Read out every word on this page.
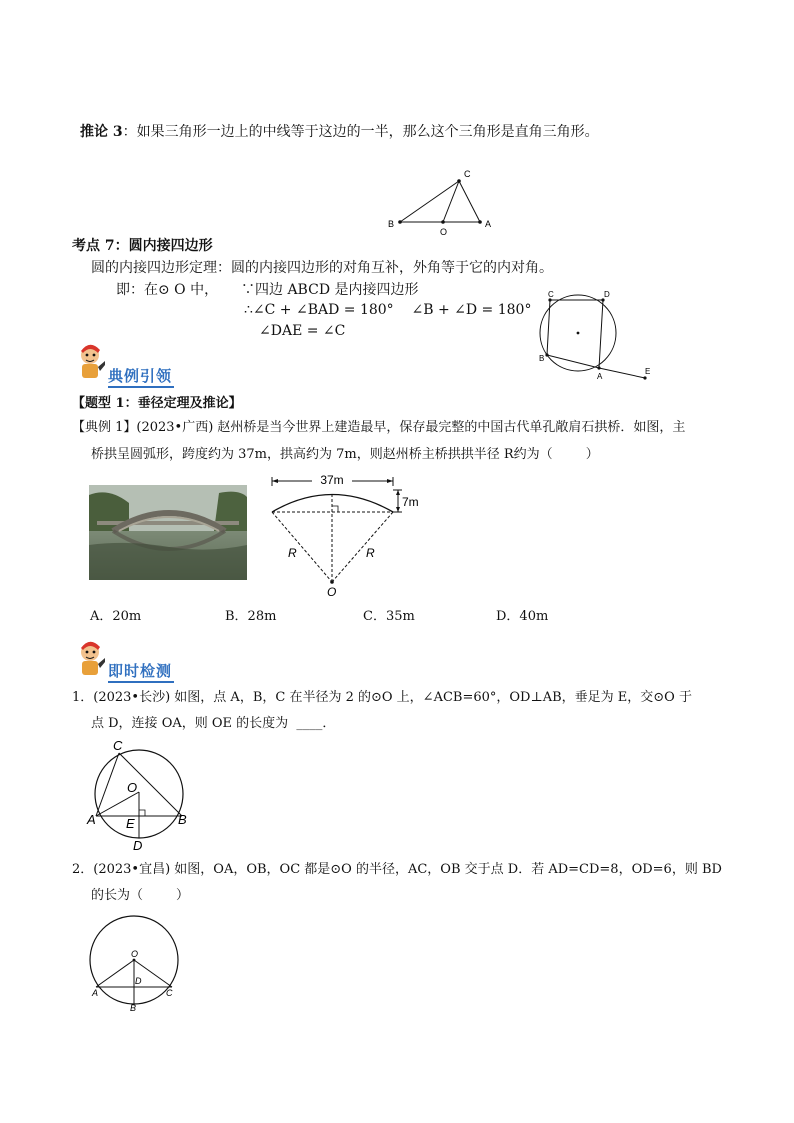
推论 3：如果三角形一边上的中线等于这边的一半，那么这个三角形是直角三角形。
C
B
O
A
考点 7：圆内接四边形
圆的内接四边形定理：圆的内接四边形的对角互补，外角等于它的内对角。
即：在⊙ O 中， ∵四边 ABCD 是内接四边形
∴∠C + ∠BAD = 180°    ∠B + ∠D = 180°
∠DAE = ∠C
C	D
B
A
E
典例引领
【题型 1：垂径定理及推论】
【典例 1】(2023•广西) 赵州桥是当今世界上建造最早，保存最完整的中国古代单孔敞肩石拱桥．如图，主
桥拱呈圆弧形，跨度约为 37m，拱高约为 7m，则赵州桥主桥拱拱半径 R约为（        ）
37m
7m
R	R
O
A．20m	B．28m	C．35m	D．40m
即时检测
1．(2023•长沙) 如图，点 A，B，C 在半径为 2 的⊙O 上，∠ACB=60°，OD⊥AB，垂足为 E，交⊙O 于
点 D，连接 OA，则 OE 的长度为  ____．
C
O
A E	B
D
2．(2023•宜昌) 如图，OA，OB，OC 都是⊙O 的半径，AC，OB 交于点 D．若 AD=CD=8，OD=6，则 BD
的长为（        ）
O
A
D
C
B
